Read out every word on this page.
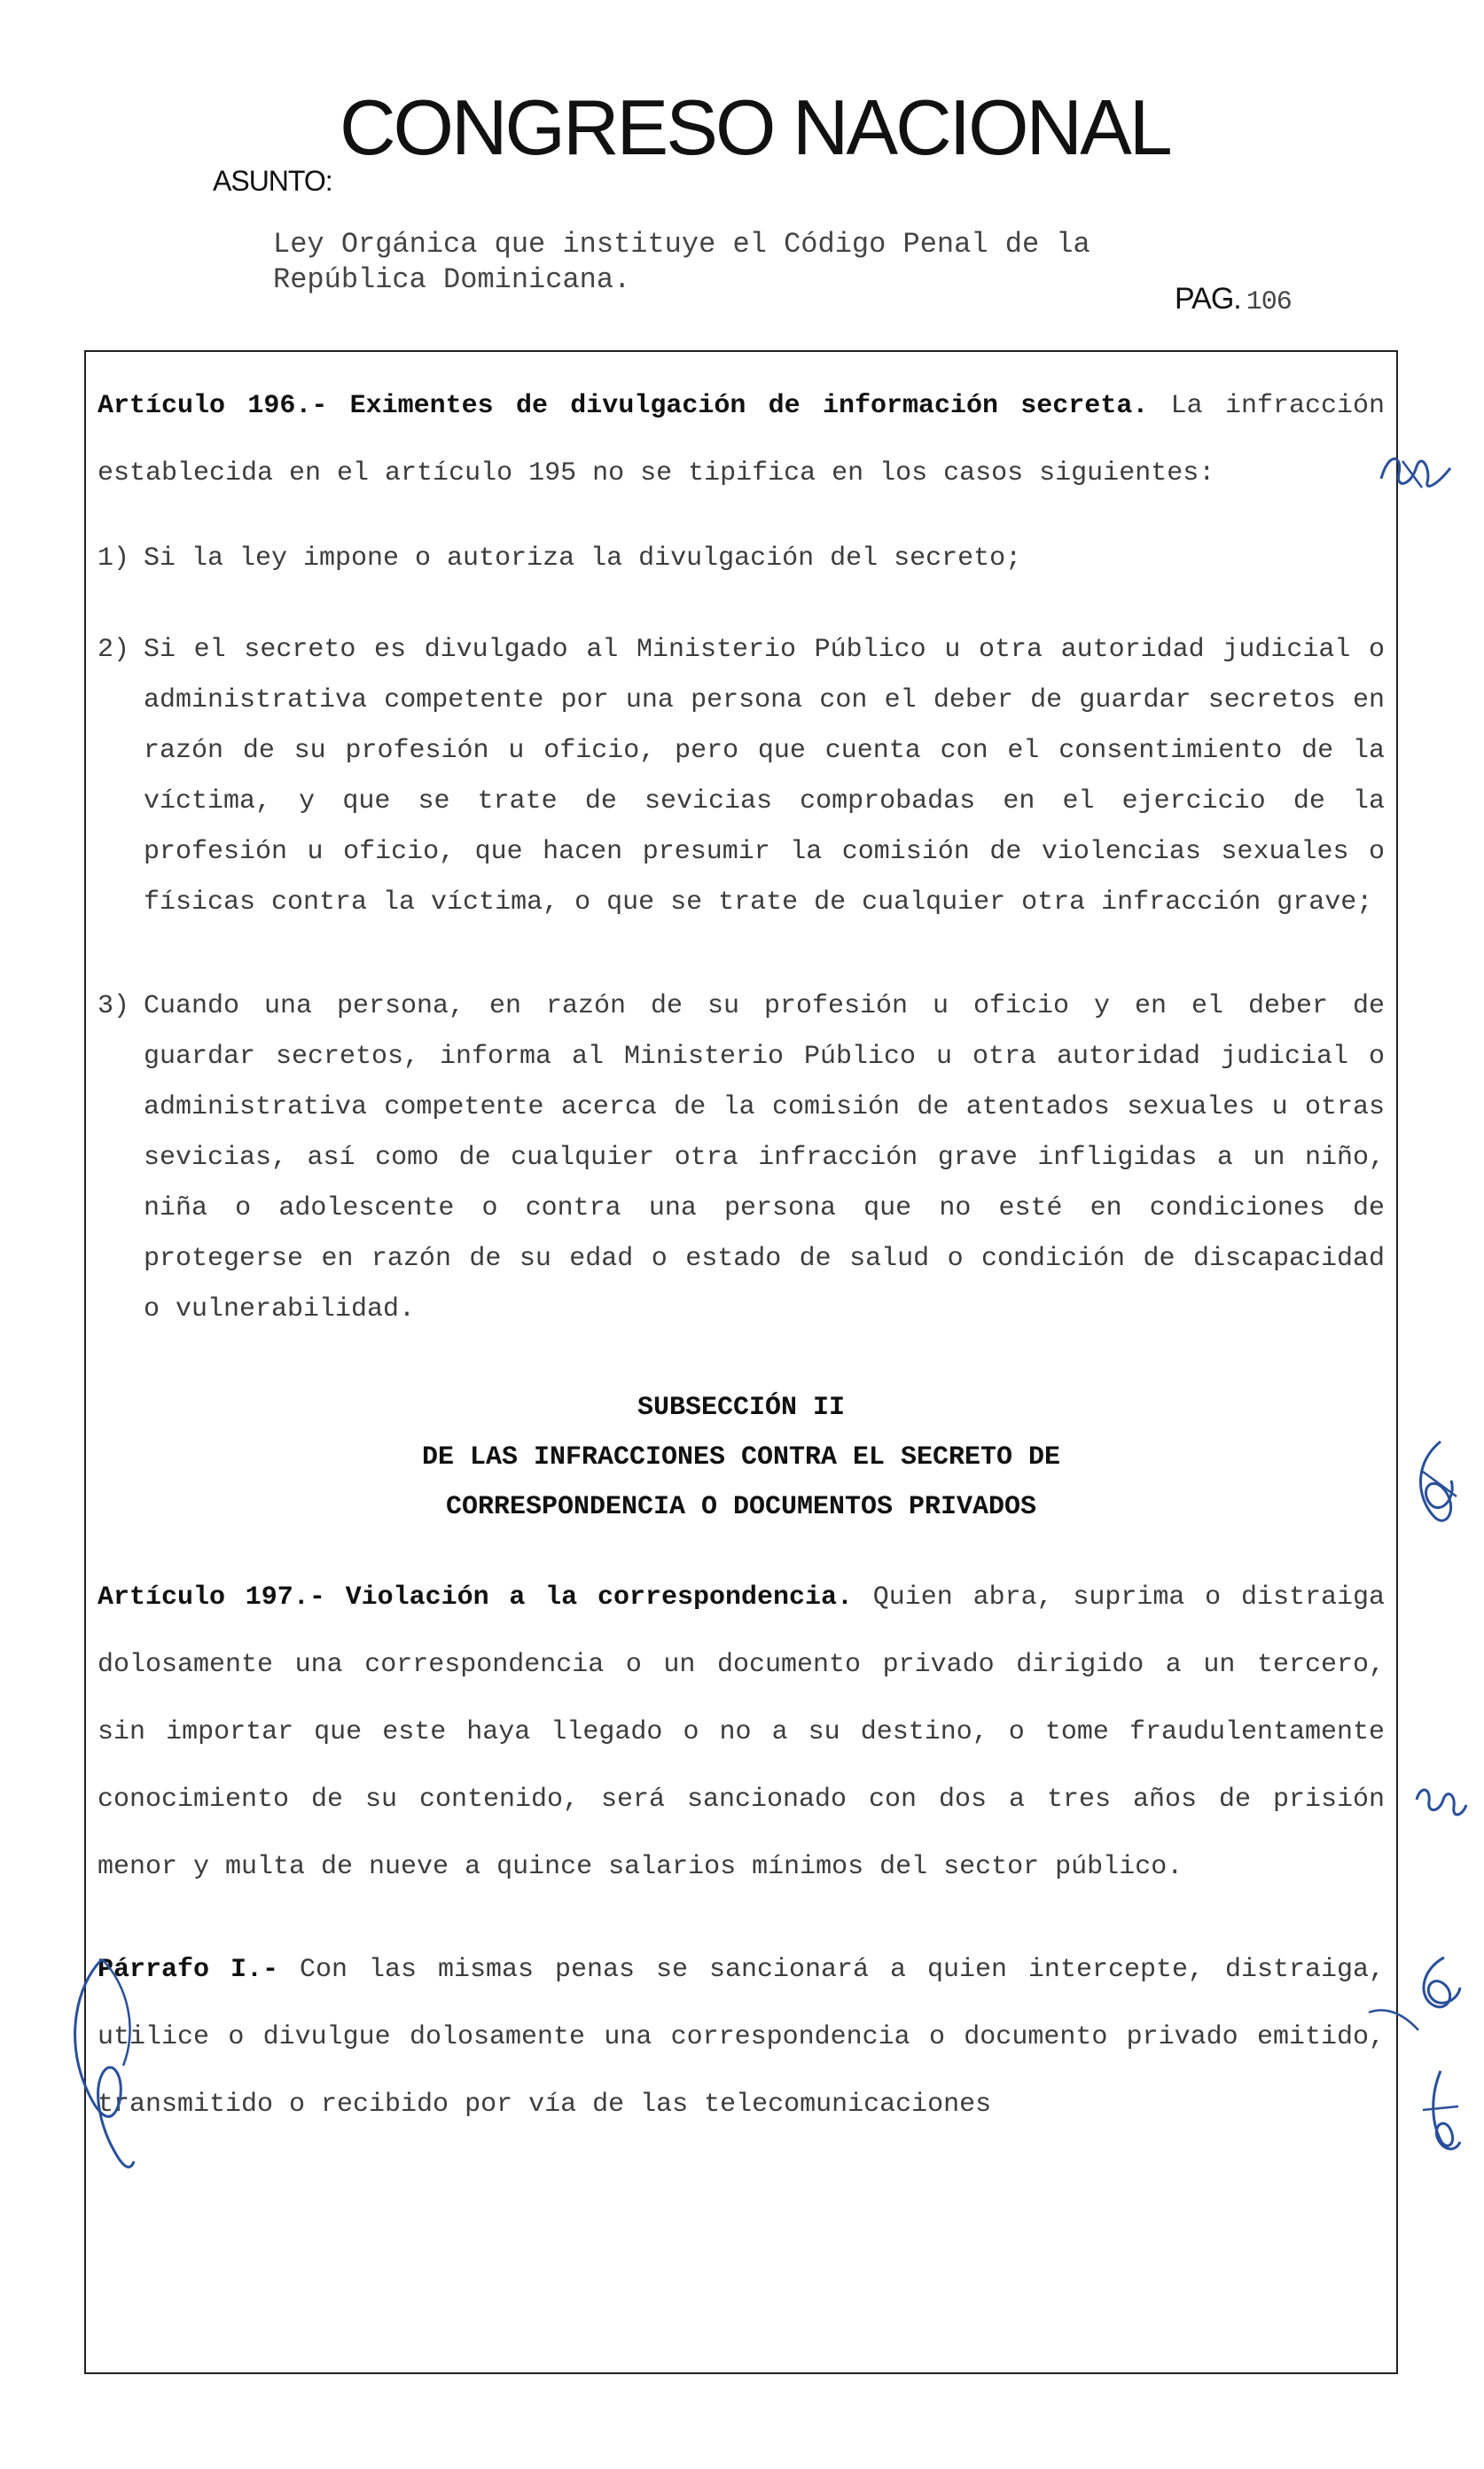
CONGRESO NACIONAL
ASUNTO:
Ley Orgánica que instituye el Código Penal de la
República Dominicana.
PAG. 106

Artículo 196.- Eximentes de divulgación de información secreta. La infracción establecida en el artículo 195 no se tipifica en los casos siguientes:

1) Si la ley impone o autoriza la divulgación del secreto;

2) Si el secreto es divulgado al Ministerio Público u otra autoridad judicial o administrativa competente por una persona con el deber de guardar secretos en razón de su profesión u oficio, pero que cuenta con el consentimiento de la víctima, y que se trate de sevicias comprobadas en el ejercicio de la profesión u oficio, que hacen presumir la comisión de violencias sexuales o físicas contra la víctima, o que se trate de cualquier otra infracción grave;

3) Cuando una persona, en razón de su profesión u oficio y en el deber de guardar secretos, informa al Ministerio Público u otra autoridad judicial o administrativa competente acerca de la comisión de atentados sexuales u otras sevicias, así como de cualquier otra infracción grave infligidas a un niño, niña o adolescente o contra una persona que no esté en condiciones de protegerse en razón de su edad o estado de salud o condición de discapacidad o vulnerabilidad.

SUBSECCIÓN II

DE LAS INFRACCIONES CONTRA EL SECRETO DE

CORRESPONDENCIA O DOCUMENTOS PRIVADOS

Artículo 197.- Violación a la correspondencia. Quien abra, suprima o distraiga dolosamente una correspondencia o un documento privado dirigido a un tercero, sin importar que este haya llegado o no a su destino, o tome fraudulentamente conocimiento de su contenido, será sancionado con dos a tres años de prisión menor y multa de nueve a quince salarios mínimos del sector público.

Párrafo I.- Con las mismas penas se sancionará a quien intercepte, distraiga, utilice o divulgue dolosamente una correspondencia o documento privado emitido, transmitido o recibido por vía de las telecomunicaciones
